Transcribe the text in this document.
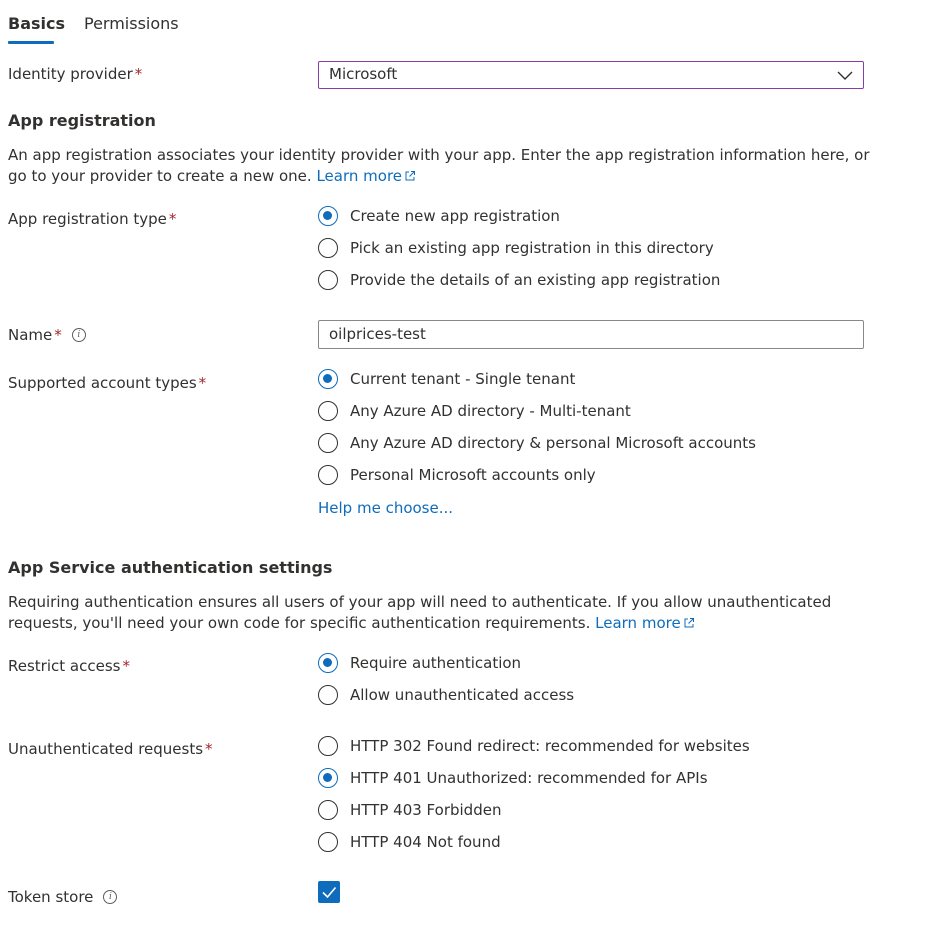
Basics Permissions
Identity provider *	Microsoft
App registration
An app registration associates your identity provider with your app. Enter the app registration information here, or go to your provider to create a new one. Learn more
App registration type *	Create new app registration
Pick an existing app registration in this directory
Provide the details of an existing app registration
Name * i
oilprices-test
Supported account types *	Current tenant - Single tenant
Any Azure AD directory - Multi-tenant
Any Azure AD directory & personal Microsoft accounts
Personal Microsoft accounts only
Help me choose...
App Service authentication settings
Requiring authentication ensures all users of your app will need to authenticate. If you allow unauthenticated requests, you'll need your own code for specific authentication requirements. Learn more
Restrict access *	Require authentication
Allow unauthenticated access
Unauthenticated requests *	HTTP 302 Found redirect: recommended for websites
HTTP 401 Unauthorized: recommended for APIs
HTTP 403 Forbidden
HTTP 404 Not found
Token store i
